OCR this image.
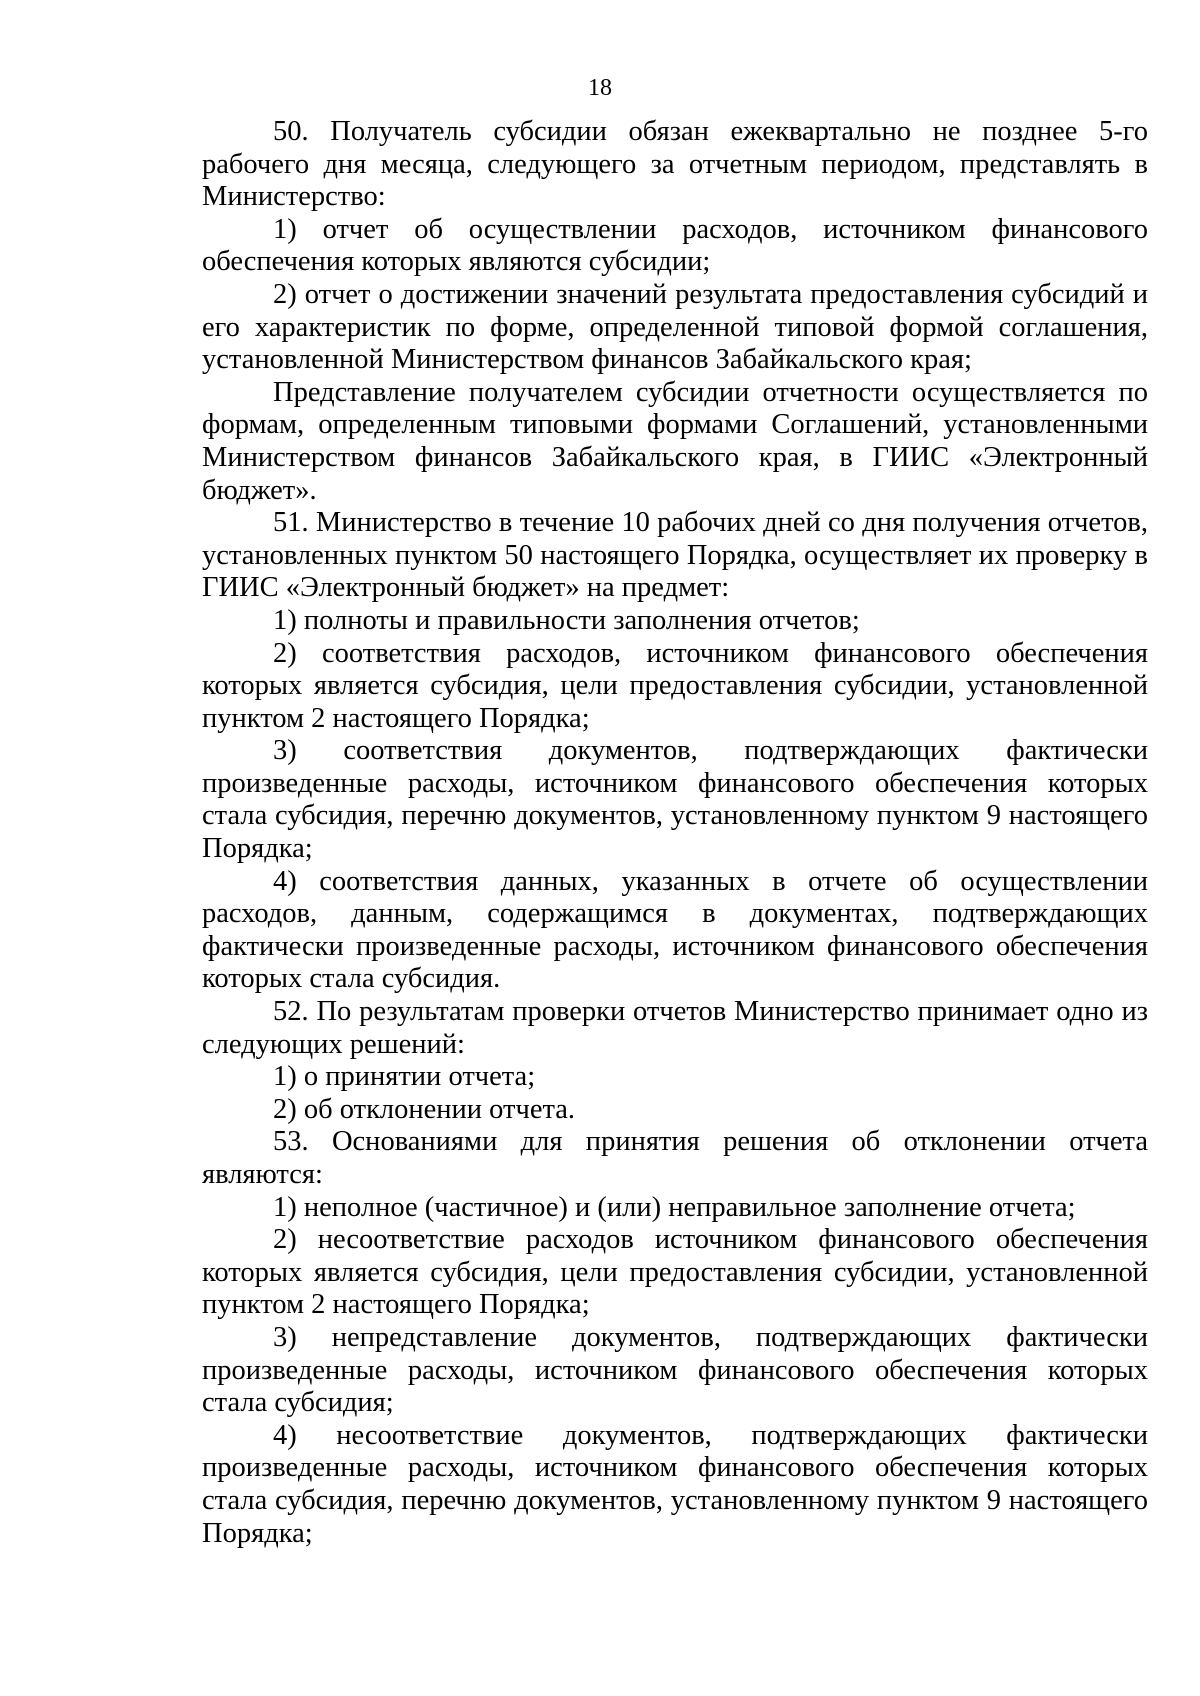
18

50. Получатель субсидии обязан ежеквартально не позднее 5-го рабочего дня месяца, следующего за отчетным периодом, представлять в Министерство:

1) отчет об осуществлении расходов, источником финансового обеспечения которых являются субсидии;

2) отчет о достижении значений результата предоставления субсидий и его характеристик по форме, определенной типовой формой соглашения, установленной Министерством финансов Забайкальского края;

Представление получателем субсидии отчетности осуществляется по формам, определенным типовыми формами Соглашений, установленными Министерством финансов Забайкальского края, в ГИИС «Электронный бюджет».

51. Министерство в течение 10 рабочих дней со дня получения отчетов, установленных пунктом 50 настоящего Порядка, осуществляет их проверку в ГИИС «Электронный бюджет» на предмет:

1) полноты и правильности заполнения отчетов;

2) соответствия расходов, источником финансового обеспечения которых является субсидия, цели предоставления субсидии, установленной пунктом 2 настоящего Порядка;

3) соответствия документов, подтверждающих фактически произведенные расходы, источником финансового обеспечения которых стала субсидия, перечню документов, установленному пунктом 9 настоящего Порядка;

4) соответствия данных, указанных в отчете об осуществлении расходов, данным, содержащимся в документах, подтверждающих фактически произведенные расходы, источником финансового обеспечения которых стала субсидия.

52. По результатам проверки отчетов Министерство принимает одно из следующих решений:

1) о принятии отчета;

2) об отклонении отчета.

53. Основаниями для принятия решения об отклонении отчета являются:

1) неполное (частичное) и (или) неправильное заполнение отчета;

2) несоответствие расходов источником финансового обеспечения которых является субсидия, цели предоставления субсидии, установленной пунктом 2 настоящего Порядка;

3) непредставление документов, подтверждающих фактически произведенные расходы, источником финансового обеспечения которых стала субсидия;

4) несоответствие документов, подтверждающих фактически произведенные расходы, источником финансового обеспечения которых стала субсидия, перечню документов, установленному пунктом 9 настоящего Порядка;
